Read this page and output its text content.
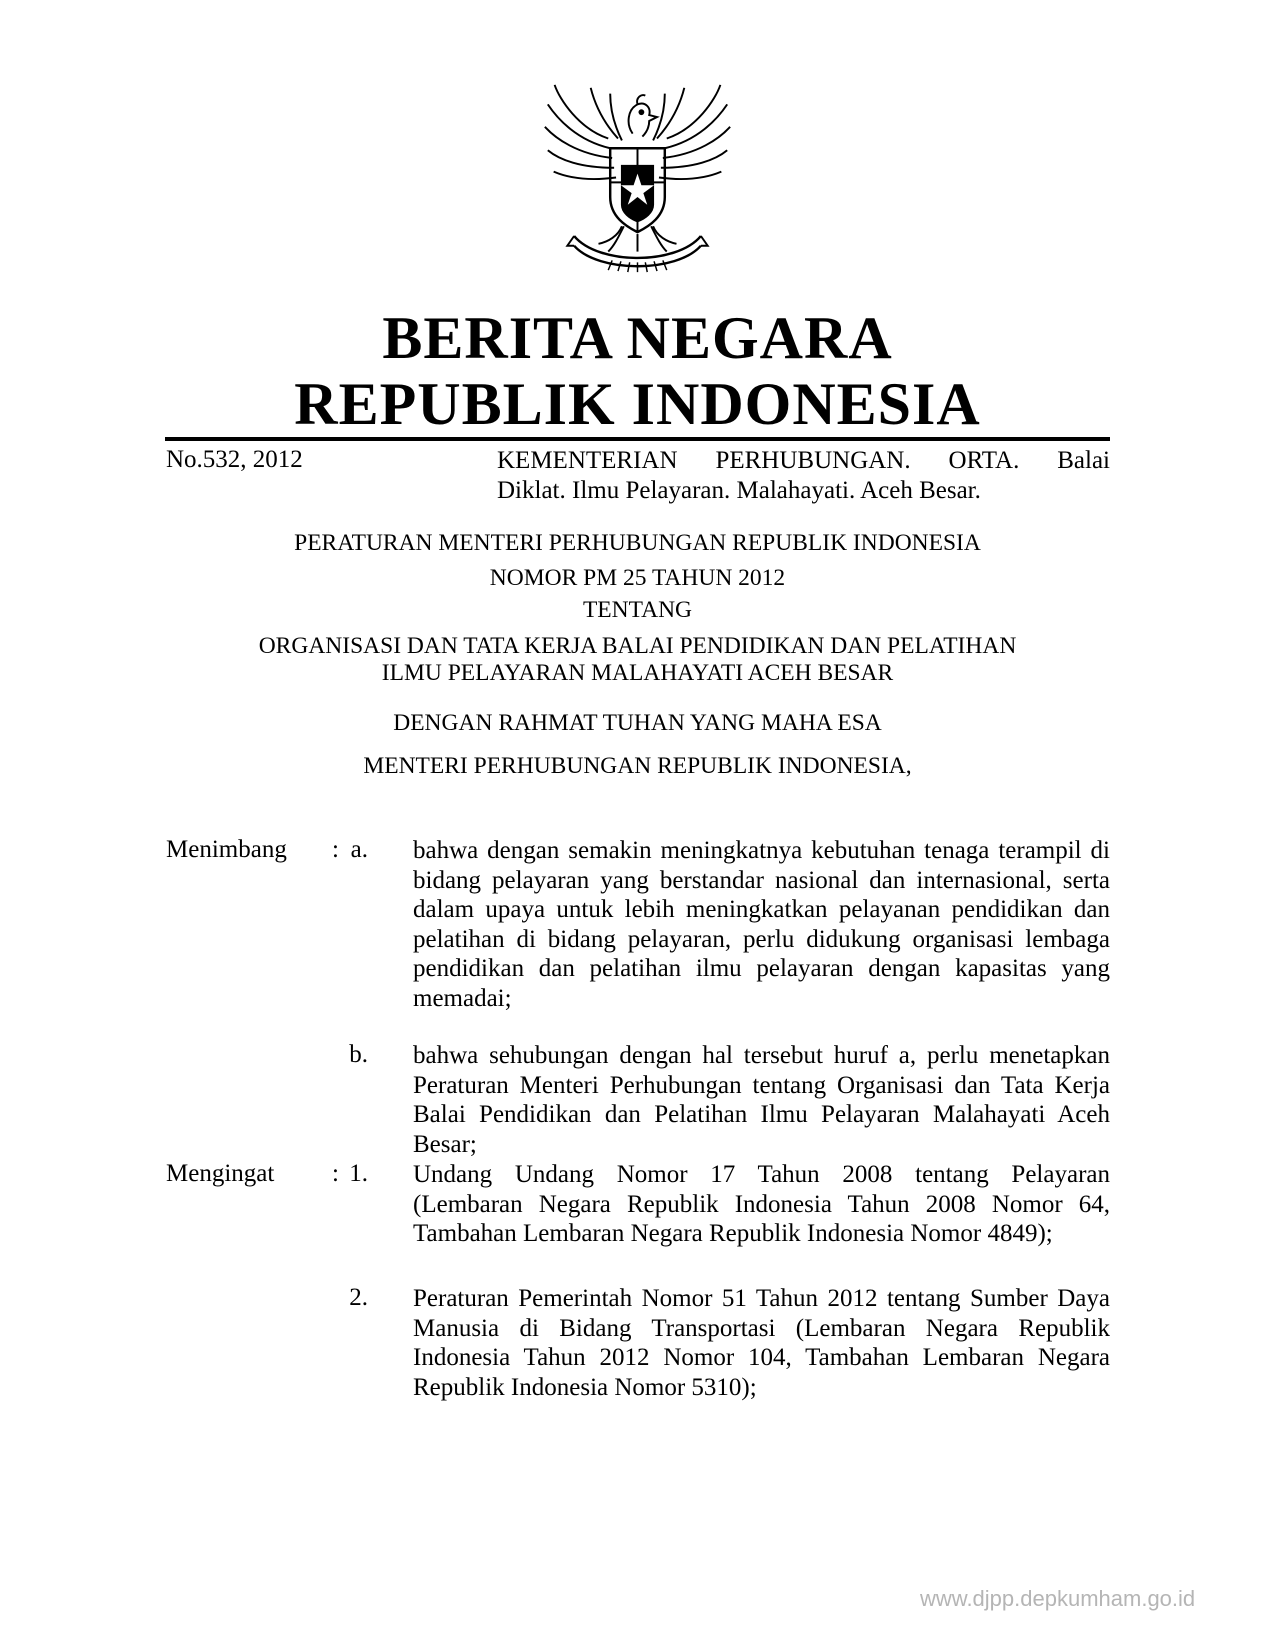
BERITA NEGARA
REPUBLIK INDONESIA
No.532, 2012	KEMENTERIAN PERHUBUNGAN. ORTA. Balai
Diklat. Ilmu Pelayaran. Malahayati. Aceh Besar.
PERATURAN MENTERI PERHUBUNGAN REPUBLIK INDONESIA
NOMOR PM 25 TAHUN 2012
TENTANG
ORGANISASI DAN TATA KERJA BALAI PENDIDIKAN DAN PELATIHAN
ILMU PELAYARAN MALAHAYATI ACEH BESAR
DENGAN RAHMAT TUHAN YANG MAHA ESA
MENTERI PERHUBUNGAN REPUBLIK INDONESIA,
Menimbang : a. bahwa dengan semakin meningkatnya kebutuhan tenaga terampil di bidang pelayaran yang berstandar nasional dan internasional, serta dalam upaya untuk lebih meningkatkan pelayanan pendidikan dan pelatihan di bidang pelayaran, perlu didukung organisasi lembaga pendidikan dan pelatihan ilmu pelayaran dengan kapasitas yang memadai;
b. bahwa sehubungan dengan hal tersebut huruf a, perlu menetapkan Peraturan Menteri Perhubungan tentang Organisasi dan Tata Kerja Balai Pendidikan dan Pelatihan Ilmu Pelayaran Malahayati Aceh Besar;
Mengingat : 1. Undang Undang Nomor 17 Tahun 2008 tentang Pelayaran (Lembaran Negara Republik Indonesia Tahun 2008 Nomor 64, Tambahan Lembaran Negara Republik Indonesia Nomor 4849);
2. Peraturan Pemerintah Nomor 51 Tahun 2012 tentang Sumber Daya Manusia di Bidang Transportasi (Lembaran Negara Republik Indonesia Tahun 2012 Nomor 104, Tambahan Lembaran Negara Republik Indonesia Nomor 5310);
www.djpp.depkumham.go.id
